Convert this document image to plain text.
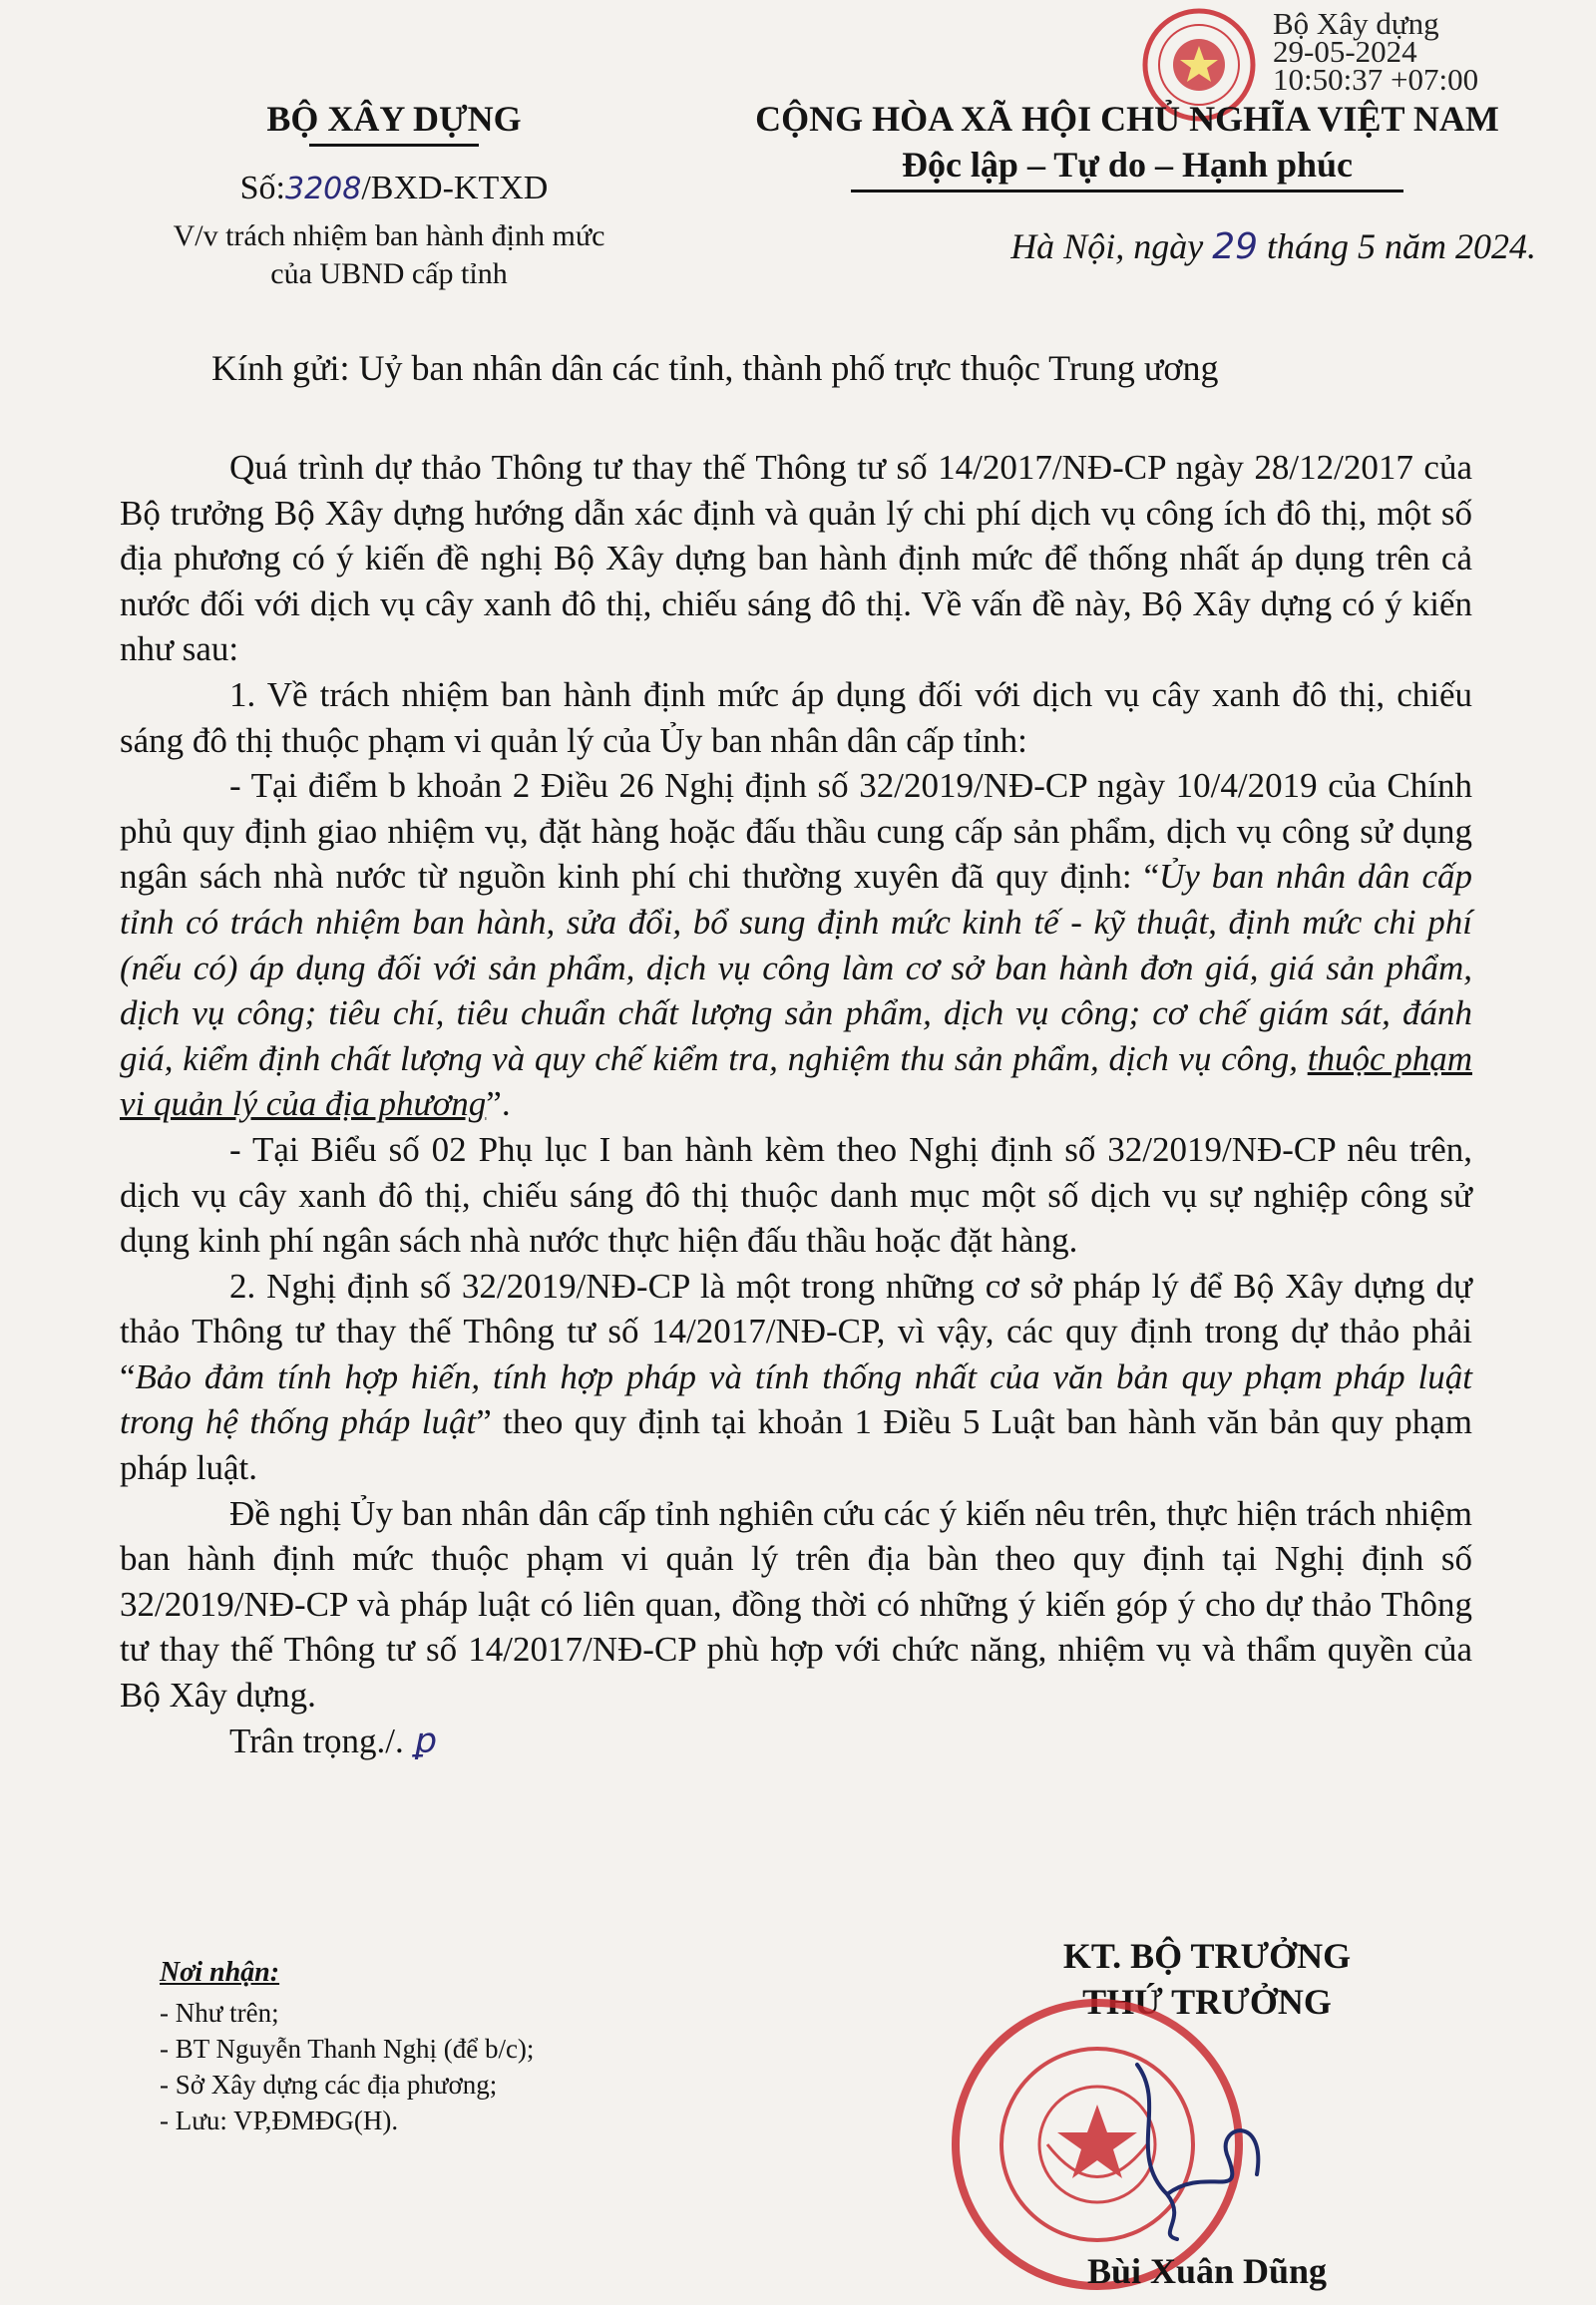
Bộ Xây dựng
29-05-2024
10:50:37 +07:00
BỘ XÂY DỰNG
Số:3208/BXD-KTXD
V/v trách nhiệm ban hành định mức
của UBND cấp tỉnh
CỘNG HÒA XÃ HỘI CHỦ NGHĨA VIỆT NAM
Độc lập – Tự do – Hạnh phúc
Hà Nội, ngày 29 tháng 5 năm 2024.
Kính gửi: Uỷ ban nhân dân các tỉnh, thành phố trực thuộc Trung ương

Quá trình dự thảo Thông tư thay thế Thông tư số 14/2017/NĐ-CP ngày 28/12/2017 của Bộ trưởng Bộ Xây dựng hướng dẫn xác định và quản lý chi phí dịch vụ công ích đô thị, một số địa phương có ý kiến đề nghị Bộ Xây dựng ban hành định mức để thống nhất áp dụng trên cả nước đối với dịch vụ cây xanh đô thị, chiếu sáng đô thị. Về vấn đề này, Bộ Xây dựng có ý kiến như sau:

1. Về trách nhiệm ban hành định mức áp dụng đối với dịch vụ cây xanh đô thị, chiếu sáng đô thị thuộc phạm vi quản lý của Ủy ban nhân dân cấp tỉnh:

- Tại điểm b khoản 2 Điều 26 Nghị định số 32/2019/NĐ-CP ngày 10/4/2019 của Chính phủ quy định giao nhiệm vụ, đặt hàng hoặc đấu thầu cung cấp sản phẩm, dịch vụ công sử dụng ngân sách nhà nước từ nguồn kinh phí chi thường xuyên đã quy định: “Ủy ban nhân dân cấp tỉnh có trách nhiệm ban hành, sửa đổi, bổ sung định mức kinh tế - kỹ thuật, định mức chi phí (nếu có) áp dụng đối với sản phẩm, dịch vụ công làm cơ sở ban hành đơn giá, giá sản phẩm, dịch vụ công; tiêu chí, tiêu chuẩn chất lượng sản phẩm, dịch vụ công; cơ chế giám sát, đánh giá, kiểm định chất lượng và quy chế kiểm tra, nghiệm thu sản phẩm, dịch vụ công, thuộc phạm vi quản lý của địa phương”.

- Tại Biểu số 02 Phụ lục I ban hành kèm theo Nghị định số 32/2019/NĐ-CP nêu trên, dịch vụ cây xanh đô thị, chiếu sáng đô thị thuộc danh mục một số dịch vụ sự nghiệp công sử dụng kinh phí ngân sách nhà nước thực hiện đấu thầu hoặc đặt hàng.

2. Nghị định số 32/2019/NĐ-CP là một trong những cơ sở pháp lý để Bộ Xây dựng dự thảo Thông tư thay thế Thông tư số 14/2017/NĐ-CP, vì vậy, các quy định trong dự thảo phải “Bảo đảm tính hợp hiến, tính hợp pháp và tính thống nhất của văn bản quy phạm pháp luật trong hệ thống pháp luật” theo quy định tại khoản 1 Điều 5 Luật ban hành văn bản quy phạm pháp luật.

Đề nghị Ủy ban nhân dân cấp tỉnh nghiên cứu các ý kiến nêu trên, thực hiện trách nhiệm ban hành định mức thuộc phạm vi quản lý trên địa bàn theo quy định tại Nghị định số 32/2019/NĐ-CP và pháp luật có liên quan, đồng thời có những ý kiến góp ý cho dự thảo Thông tư thay thế Thông tư số 14/2017/NĐ-CP phù hợp với chức năng, nhiệm vụ và thẩm quyền của Bộ Xây dựng.

Trân trọng./. ꝑ

Nơi nhận:
- Như trên;
- BT Nguyễn Thanh Nghị (để b/c);
- Sở Xây dựng các địa phương;
- Lưu: VP,ĐMĐG(H).
KT. BỘ TRƯỞNG
THỨ TRƯỞNG
Bùi Xuân Dũng
